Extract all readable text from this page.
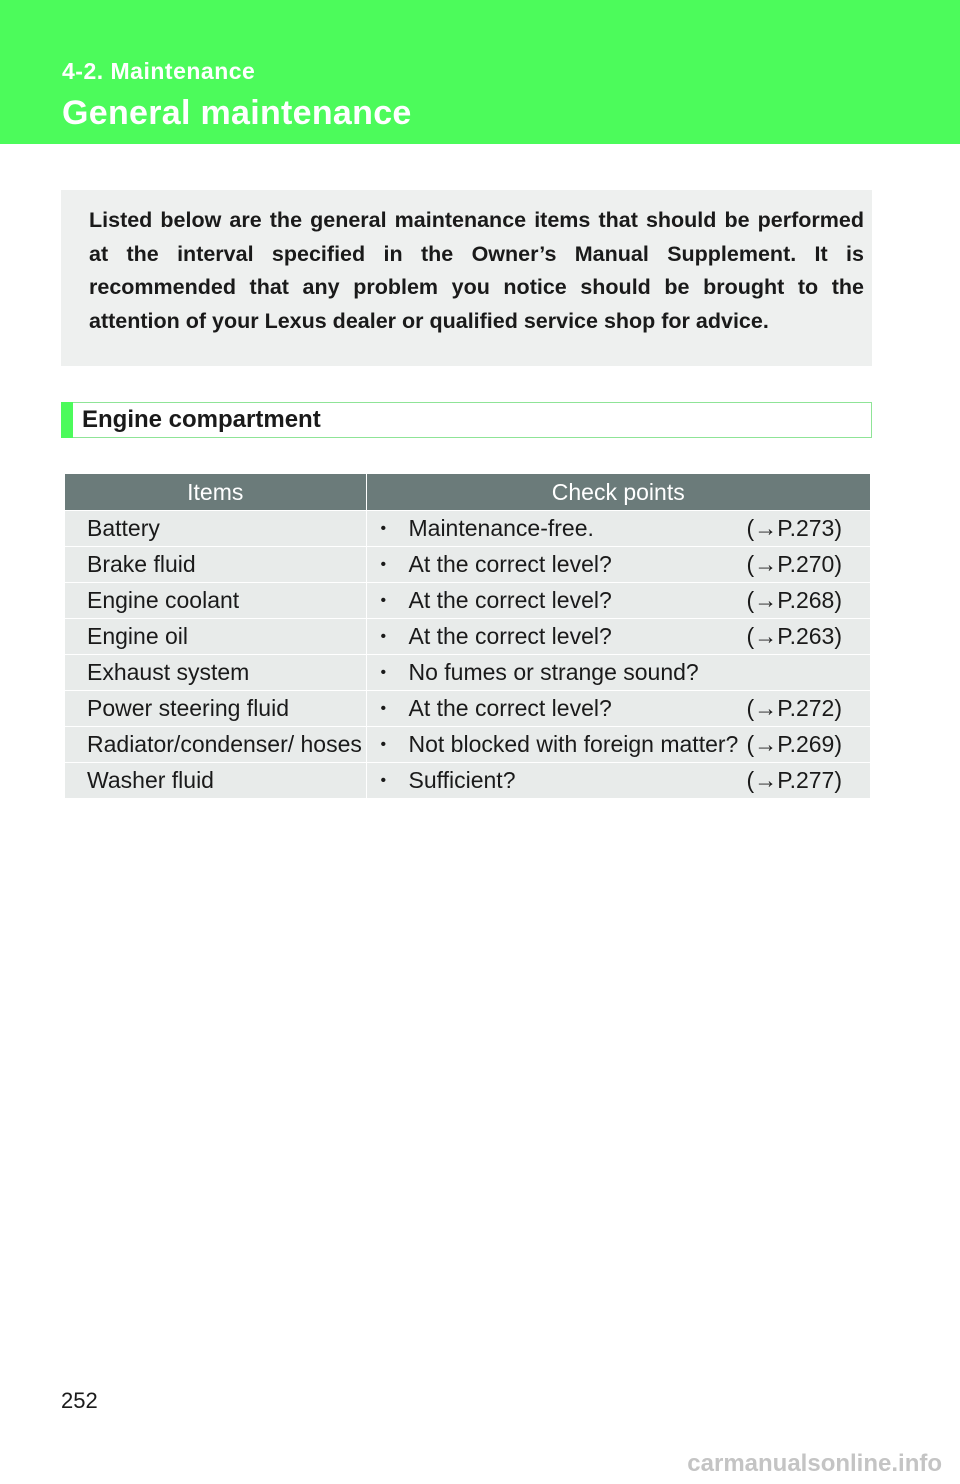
4-2. Maintenance
General maintenance

Listed below are the general maintenance items that should be performed at the interval specified in the Owner’s Manual Supplement. It is recommended that any problem you notice should be brought to the attention of your Lexus dealer or qualified service shop for advice.

Engine compartment
Items	Check points
Battery	• Maintenance-free. (→P.273)

Brake fluid	• At the correct level? (→P.270)

Engine coolant	• At the correct level? (→P.268)

Engine oil	• At the correct level? (→P.263)

Exhaust system	• No fumes or strange sound?

Power steering fluid	• At the correct level? (→P.272)

Radiator/condenser/ hoses	• Not blocked with foreign matter? (→P.269)

Washer fluid	• Sufficient? (→P.277)
252
carmanualsonline.info
